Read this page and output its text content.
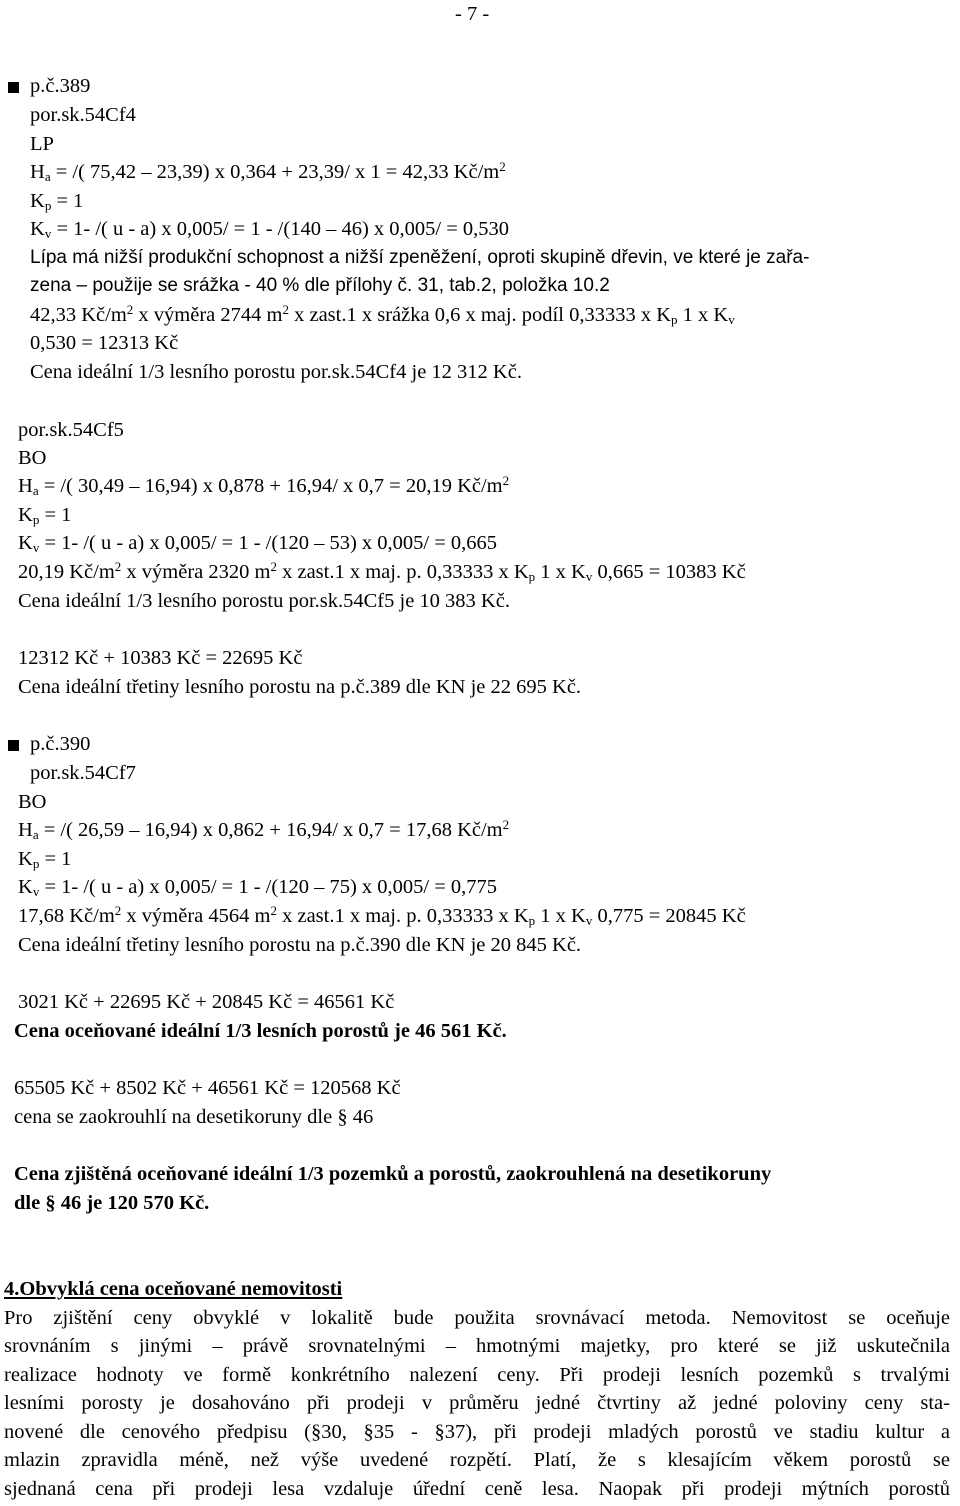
- 7 -
p.č.389
por.sk.54Cf4
LP
$H_a$ = /( 75,42 – 23,39) x 0,364 + 23,39/ x 1 = 42,33 $Kč/m^2$
$K_p = 1$
$K_v = 1-$ /( u - a) x 0,005/ = 1 - /(140 – 46) x 0,005/ = 0,530
Lípa má nižší produkční schopnost a nižší zpeněžení, oproti skupině dřevin, ve které je zařa-
zena – použije se srážka - 40 % dle přílohy č. 31, tab.2, položka 10.2
42,33 $Kč/m^2$ x výměra 2744 $m^2$ x zast.1 x srážka 0,6 x maj. podíl 0,33333 x $K_p$ 1 x $K_v$
0,530 = 12313 Kč
Cena ideální 1/3 lesního porostu por.sk.54Cf4 je 12 312 Kč.
por.sk.54Cf5
BO
$H_a$ = /( 30,49 – 16,94) x 0,878 + 16,94/ x 0,7 = 20,19 $Kč/m^2$
$K_p = 1$
$K_v = 1-$ /( u - a) x 0,005/ = 1 - /(120 – 53) x 0,005/ = 0,665
20,19 $Kč/m^2$ x výměra 2320 $m^2$ x zast.1 x maj. p. 0,33333 x $K_p$ 1 x $K_v$ 0,665 = 10383 Kč
Cena ideální 1/3 lesního porostu por.sk.54Cf5 je 10 383 Kč.
12312 Kč + 10383 Kč = 22695 Kč
Cena ideální třetiny lesního porostu na p.č.389 dle KN je 22 695 Kč.
p.č.390
por.sk.54Cf7
BO
$H_a$ = /( 26,59 – 16,94) x 0,862 + 16,94/ x 0,7 = 17,68 $Kč/m^2$
$K_p = 1$
$K_v = 1-$ /( u - a) x 0,005/ = 1 - /(120 – 75) x 0,005/ = 0,775
17,68 $Kč/m^2$ x výměra 4564 $m^2$ x zast.1 x maj. p. 0,33333 x $K_p$ 1 x $K_v$ 0,775 = 20845 Kč
Cena ideální třetiny lesního porostu na p.č.390 dle KN je 20 845 Kč.
3021 Kč + 22695 Kč + 20845 Kč = 46561 Kč
Cena oceňované ideální 1/3 lesních porostů je 46 561 Kč.
65505 Kč + 8502 Kč + 46561 Kč = 120568 Kč
cena se zaokrouhlí na desetikoruny dle § 46
Cena zjištěná oceňované ideální 1/3 pozemků a porostů, zaokrouhlená na desetikoruny
dle § 46 je 120 570 Kč.
4.Obvyklá cena oceňované nemovitosti
Pro zjištění ceny obvyklé v lokalitě bude použita srovnávací metoda. Nemovitost se oceňuje
srovnáním s jinými – právě srovnatelnými – hmotnými majetky, pro které se již uskutečnila
realizace hodnoty ve formě konkrétního nalezení ceny. Při prodeji lesních pozemků s trvalými
lesními porosty je dosahováno při prodeji v průměru jedné čtvrtiny až jedné poloviny ceny sta-
novené dle cenového předpisu (§30, §35 - §37), při prodeji mladých porostů ve stadiu kultur a
mlazin zpravidla méně, než výše uvedené rozpětí. Platí, že s klesajícím věkem porostů se
sjednaná cena při prodeji lesa vzdaluje úřední ceně lesa. Naopak při prodeji mýtních porostů
